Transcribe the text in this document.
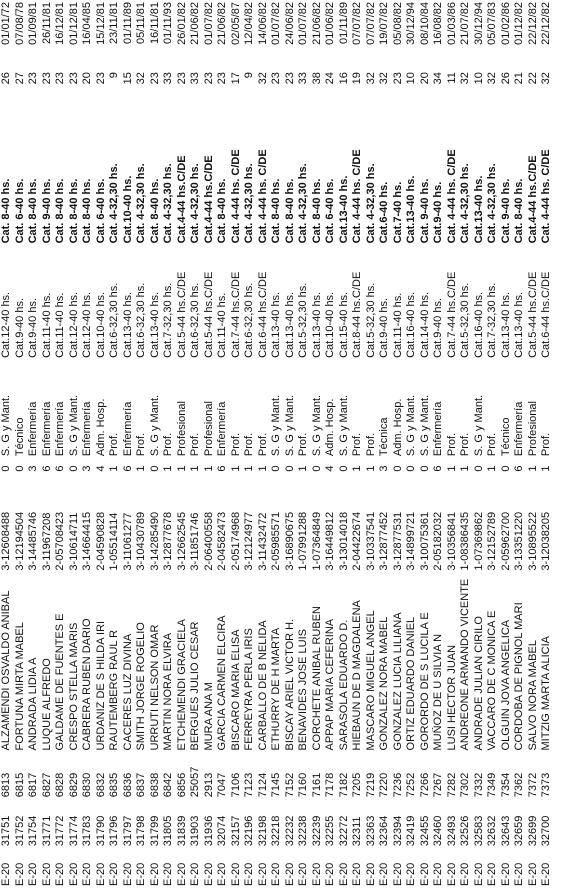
E-20	31751	6813	ALZAMENDI OSVALDO ANIBAL	3-12608488	0	S. G y Mant.	Cat.12-40 hs.	Cat. 8-40 hs.	26	01/01/72
E-20	31752	6815	FORTUNA MIRTA MABEL	3-12194504	0	Técnico	Cat.9-40 hs.	Cat. 6-40 hs.	27	07/08/78
E-20	31754	6817	ANDRADA LIDIA A	3-14485746	3	Enfermería	Cat.9-40 hs.	Cat. 8-40 hs.	23	01/09/81
E-20	31771	6827	LUQUE ALFREDO	3-11967208	6	Enfermería	Cat.11-40 hs.	Cat. 9-40 hs.	23	26/11/81
E-20	31772	6828	GALDAME DE FUENTES E	2-05708423	6	Enfermería	Cat.11-40 hs.	Cat. 8-40 hs.	23	16/12/81
E-20	31774	6829	CRESPO STELLA MARIS	3-10614711	0	S. G y Mant.	Cat.12-40 hs.	Cat. 8-40 hs.	23	01/12/81
E-20	31783	6830	CABRERA RUBEN DARIO	3-14664415	3	Enfermería	Cat.12-40 hs.	Cat. 8-40 hs.	20	16/04/85
E-20	31790	6832	URDANIZ DE S HILDA IRI	2-04590828	4	Adm. Hosp.	Cat.10-40 hs.	Cat. 6-40 hs.	23	15/12/81
E-20	31796	6835	RAUTEMBERG RAUL R	1-05514114	1	Prof.	Cat.6-32,30 hs.	Cat. 4-32,30 hs.	9	23/11/81
E-20	31797	6836	CACERES LUZ DIVINA	3-11061277	6	Enfermería	Cat.13-40 hs.	Cat.10-40 hs.	15	01/11/89
E-20	31798	6837	SMITH JORGE ROGELIO	3-10430789	1	Prof.	Cat.6-32,30 hs.	Cat. 4-32,30 hs.	32	05/11/81
E-20	31799	6838	URRUTI NELSON OMAR	3-14285490	0	S. G y Mant.	Cat.13-40 hs.	Cat. 8-40 hs.	23	16/11/81
E-20	31805	6842	MARTIN NORA ELVIRA	3-12877678	1	Prof.	Cat.7-32,30 hs.	Cat. 4-32,30 hs.	33	01/11/93
E-20	31839	6856	ETCHEMENDI GRACIELA	3-12662545	1	Profesional	Cat.5-44 hs.C/DE	Cat.4-44 hs.C/DE	23	26/01/82
E-20	31903	25057	BERGUES JULIO CESAR	3-11851746	1	Prof.	Cat.6-32,30 hs.	Cat. 4-32,30 hs.	33	21/06/82
E-20	31936	2913	MURA ANA M	2-06400558	1	Profesional	Cat.5-44 hs.C/DE	Cat.4-44 hs.C/DE	23	01/07/82
E-20	32074	7047	GARCIA CARMEN ELCIRA	2-04582473	6	Enfermería	Cat.11-40 hs.	Cat. 8-40 hs.	23	21/06/82
E-20	32157	7106	BISCARO MARIA ELISA	2-05174968	1	Prof.	Cat.7-44 hs.C/DE	Cat. 4-44 hs. C/DE	17	02/05/87
E-20	32196	7123	FERREYRA PERLA IRIS	3-12124977	1	Prof.	Cat.6-32,30 hs.	Cat. 4-32,30 hs.	9	12/04/82
E-20	32198	7124	CARBALLO DE B NELIDA	3-11432472	1	Prof.	Cat.6-44 hs.C/DE	Cat. 4-44 hs. C/DE	32	14/06/82
E-20	32218	7145	ETHURRY DE H MARTA	2-05985571	0	S. G y Mant.	Cat.13-40 hs.	Cat. 8-40 hs.	23	01/07/82
E-20	32232	7152	BISCAY ARIEL VICTOR H.	3-16890675	0	S. G y Mant.	Cat.13-40 hs.	Cat. 8-40 hs.	23	24/06/82
E-20	32238	7160	BENAVIDES JOSE LUIS	1-07991288	1	Prof.	Cat.5-32,30 hs.	Cat. 4-32,30 hs.	33	01/07/82
E-20	32239	7161	CORCHETE ANIBAL RUBEN	1-07364849	0	S. G y Mant.	Cat.13-40 hs.	Cat. 8-40 hs.	38	21/06/82
E-20	32255	7178	APPAP MARIA CEFERINA	3-16449812	4	Adm. Hosp.	Cat.10-40 hs.	Cat. 6-40 hs.	24	01/06/82
E-20	32272	7182	SARASOLA EDUARDO D.	3-13014018	0	S. G y Mant.	Cat.15-40 hs.	Cat.13-40 hs.	16	01/11/89
E-20	32311	7205	HIEBAUN DE D MAGDALENA	2-04422674	1	Prof.	Cat.8-44 hs.C/DE	Cat. 4-44 hs. C/DE	19	07/07/82
E-20	32363	7219	MASCARO MIGUEL ANGEL	3-10337541	1	Prof.	Cat.5-32,30 hs.	Cat. 4-32,30 hs.	32	07/07/82
E-20	32364	7220	GONZALEZ NORA MABEL	3-12877452	3	Técnica	Cat.9-40 hs.	Cat.6-40 hs.	32	19/07/82
E-20	32394	7236	GONZALEZ LUCIA LILIANA	3-12877531	0	Adm. Hosp.	Cat.11-40 hs.	Cat.7-40 hs.	23	05/08/82
E-20	32419	7252	ORTIZ EDUARDO DANIEL	3-14899721	0	S. G y Mant.	Cat.16-40 hs.	Cat.13-40 hs.	10	30/12/94
E-20	32455	7266	GORORDO DE S LUCILA E	3-10075361	0	S. G y Mant.	Cat.14-40 hs.	Cat. 9-40 hs.	20	08/10/84
E-20	32460	7267	MUÑOZ DE U SILVIA N	2-05182032	6	Enfermería	Cat.9-40 hs.	Cat.9-40 hs.	34	16/08/82
E-20	32493	7282	LUSI HECTOR JUAN	3-10356841	1	Prof.	Cat.7-44 hs.C/DE	Cat. 4-44 hs. C/DE	11	01/03/86
E-20	32526	7302	ANDREONE ARMANDO VICENTE	1-08386435	1	Prof.	Cat.5-32,30 hs.	Cat. 4-32,30 hs.	32	21/07/82
E-20	32583	7332	ANDRADE JULIAN CIRILO	1-07369862	0	S. G y Mant.	Cat.16-40 hs.	Cat.13-40 hs.	10	30/12/94
E-20	32632	7349	VACCARO DE C MONICA E	3-12152789	1	Prof.	Cat.7-32,30 hs.	Cat. 4-32,30 hs.	32	05/07/83
E-20	32643	7354	OLGUIN JOVA ANGELICA	2-05962700	0	Técnico	Cat.13-40 hs.	Cat. 9-40 hs.	26	01/02/86
E-20	32659	7362	CORDOBA DE PIGNOL MARI	3-13351220	6	Enfermería	Cat.13-40 hs.	Cat. 8-40 hs.	21	01/12/82
E-20	32699	7372	SALVO NORA MABEL	3-10895522	1	Profesional	Cat.5-44 hs.C/DE	Cat.4-44 hs.C/DE	22	22/12/82
E-20	32700	7373	MITZIG MARTA ALICIA	3-12038205	1	Prof.	Cat.6-44 hs.C/DE	Cat. 4-44 hs. C/DE	32	22/12/82
